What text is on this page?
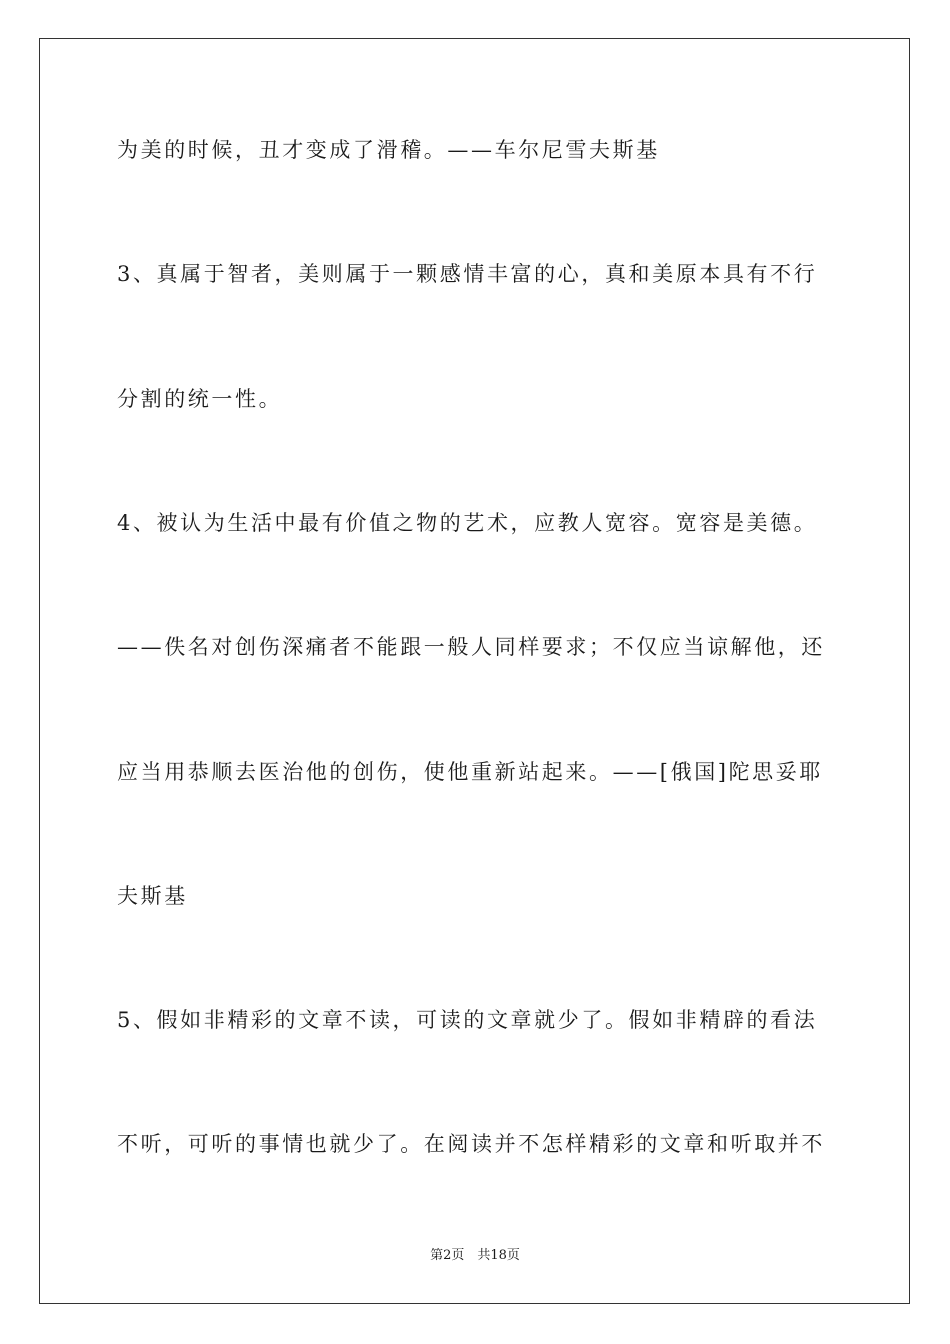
为美的时候，丑才变成了滑稽。——车尔尼雪夫斯基
3、真属于智者，美则属于一颗感情丰富的心，真和美原本具有不行
分割的统一性。
4、被认为生活中最有价值之物的艺术，应教人宽容。宽容是美德。
——佚名对创伤深痛者不能跟一般人同样要求；不仅应当谅解他，还
应当用恭顺去医治他的创伤，使他重新站起来。——[俄国]陀思妥耶
夫斯基
5、假如非精彩的文章不读，可读的文章就少了。假如非精辟的看法
不听，可听的事情也就少了。在阅读并不怎样精彩的文章和听取并不
第2页　共18页
